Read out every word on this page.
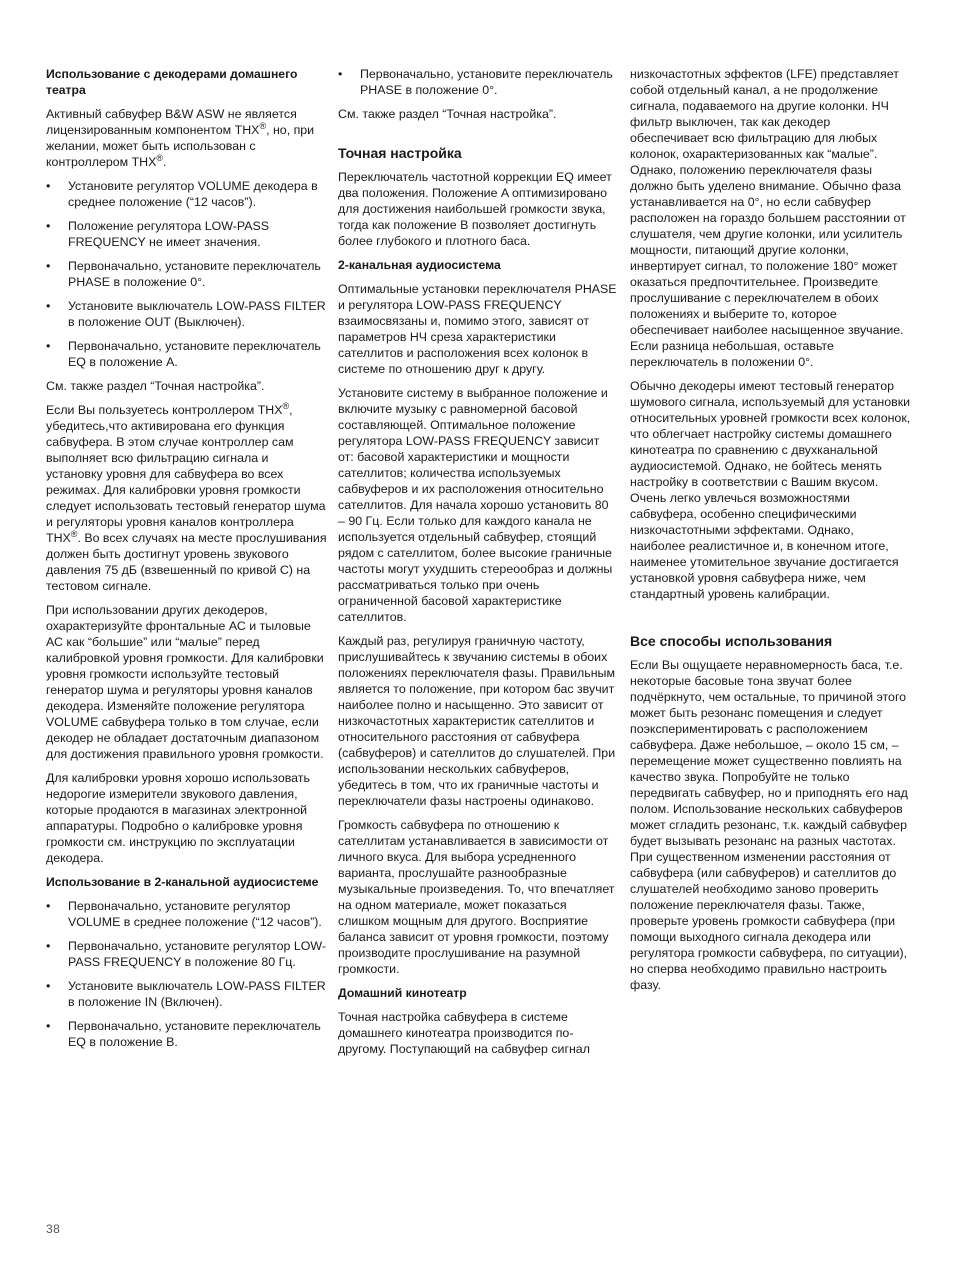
Использование с декодерами домашнего театра

Активный сабвуфер B&W ASW не является лицензированным компонентом THX®, но, при желании, может быть использован с контроллером THX®.

• Установите регулятор VOLUME декодера в среднее положение (“12 часов”).
• Положение регулятора LOW-PASS FREQUENCY не имеет значения.
• Первоначально, установите переключатель PHASE в положение 0°.
• Установите выключатель LOW-PASS FILTER в положение OUT (Выключен).
• Первоначально, установите переключатель EQ в положение A.

См. также раздел “Точная настройка”.

Если Вы пользуетесь контроллером THX®, убедитесь,что активирована его функция сабвуфера. В этом случае контроллер сам выполняет всю фильтрацию сигнала и установку уровня для сабвуфера во всех режимах. Для калибровки уровня громкости следует использовать тестовый генератор шума и регуляторы уровня каналов контроллера THX®. Во всех случаях на месте прослушивания должен быть достигнут уровень звукового давления 75 дБ (взвешенный по кривой C) на тестовом сигнале.

При использовании других декодеров, охарактеризуйте фронтальные АС и тыловые АС как “большие” или “малые” перед калибровкой уровня громкости. Для калибровки уровня громкости используйте тестовый генератор шума и регуляторы уровня каналов декодера. Изменяйте положение регулятора VOLUME сабвуфера только в том случае, если декодер не обладает достаточным диапазоном для достижения правильного уровня громкости.

Для калибровки уровня хорошо использовать недорогие измерители звукового давления, которые продаются в магазинах электронной аппаратуры. Подробно о калибровке уровня громкости см. инструкцию по эксплуатации декодера.

Использование в 2-канальной аудиосистеме
• Первоначально, установите регулятор VOLUME в среднее положение (“12 часов”).
• Первоначально, установите регулятор LOW-PASS FREQUENCY в положение 80 Гц.
• Установите выключатель LOW-PASS FILTER в положение IN (Включен).
• Первоначально, установите переключатель EQ в положение B.
• Первоначально, установите переключатель PHASE в положение 0°.

См. также раздел “Точная настройка”.

Точная настройка

Переключатель частотной коррекции EQ имеет два положения. Положение A оптимизировано для достижения наибольшей громкости звука, тогда как положение B позволяет достигнуть более глубокого и плотного баса.

2-канальная аудиосистема

Оптимальные установки переключателя PHASE и регулятора LOW-PASS FREQUENCY взаимосвязаны и, помимо этого, зависят от параметров НЧ среза характеристики сателлитов и расположения всех колонок в системе по отношению друг к другу.

Установите систему в выбранное положение и включите музыку с равномерной басовой составляющей. Оптимальное положение регулятора LOW-PASS FREQUENCY зависит от: басовой характеристики и мощности сателлитов; количества используемых сабвуферов и их расположения относительно сателлитов. Для начала хорошо установить 80 – 90 Гц. Если только для каждого канала не используется отдельный сабвуфер, стоящий рядом с сателлитом, более высокие граничные частоты могут ухудшить стереообраз и должны рассматриваться только при очень ограниченной басовой характеристике сателлитов.

Каждый раз, регулируя граничную частоту, прислушивайтесь к звучанию системы в обоих положениях переключателя фазы. Правильным является то положение, при котором бас звучит наиболее полно и насыщенно. Это зависит от низкочастотных характеристик сателлитов и относительного расстояния от сабвуфера (сабвуферов) и сателлитов до слушателей. При использовании нескольких сабвуферов, убедитесь в том, что их граничные частоты и переключатели фазы настроены одинаково.

Громкость сабвуфера по отношению к сателлитам устанавливается в зависимости от личного вкуса. Для выбора усредненного варианта, прослушайте разнообразные музыкальные произведения. То, что впечатляет на одном материале, может показаться слишком мощным для другого. Восприятие баланса зависит от уровня громкости, поэтому производите прослушивание на разумной громкости.

Домашний кинотеатр

Точная настройка сабвуфера в системе домашнего кинотеатра производится по-другому. Поступающий на сабвуфер сигнал

низкочастотных эффектов (LFE) представляет собой отдельный канал, а не продолжение сигнала, подаваемого на другие колонки. НЧ фильтр выключен, так как декодер обеспечивает всю фильтрацию для любых колонок, охарактеризованных как “малые”. Однако, положению переключателя фазы должно быть уделено внимание. Обычно фаза устанавливается на 0°, но если сабвуфер расположен на гораздо большем расстоянии от слушателя, чем другие колонки, или усилитель мощности, питающий другие колонки, инвертирует сигнал, то положение 180° может оказаться предпочтительнее. Произведите прослушивание с переключателем в обоих положениях и выберите то, которое обеспечивает наиболее насыщенное звучание. Если разница небольшая, оставьте переключатель в положении 0°.

Обычно декодеры имеют тестовый генератор шумового сигнала, используемый для установки относительных уровней громкости всех колонок, что облегчает настройку системы домашнего кинотеатра по сравнению с двухканальной аудиосистемой. Однако, не бойтесь менять настройку в соответствии с Вашим вкусом. Очень легко увлечься возможностями сабвуфера, особенно специфическими низкочастотными эффектами. Однако, наиболее реалистичное и, в конечном итоге, наименее утомительное звучание достигается установкой уровня сабвуфера ниже, чем стандартный уровень калибрации.

Все способы использования

Если Вы ощущаете неравномерность баса, т.е. некоторые басовые тона звучат более подчёркнуто, чем остальные, то причиной этого может быть резонанс помещения и следует поэкспериментировать с расположением сабвуфера. Даже небольшое, – около 15 см, – перемещение может существенно повлиять на качество звука. Попробуйте не только передвигать сабвуфер, но и приподнять его над полом. Использование нескольких сабвуферов может сгладить резонанс, т.к. каждый сабвуфер будет вызывать резонанс на разных частотах. При существенном изменении расстояния от сабвуфера (или сабвуферов) и сателлитов до слушателей необходимо заново проверить положение переключателя фазы. Также, проверьте уровень громкости сабвуфера (при помощи выходного сигнала декодера или регулятора громкости сабвуфера, по ситуации), но сперва необходимо правильно настроить фазу.

38
